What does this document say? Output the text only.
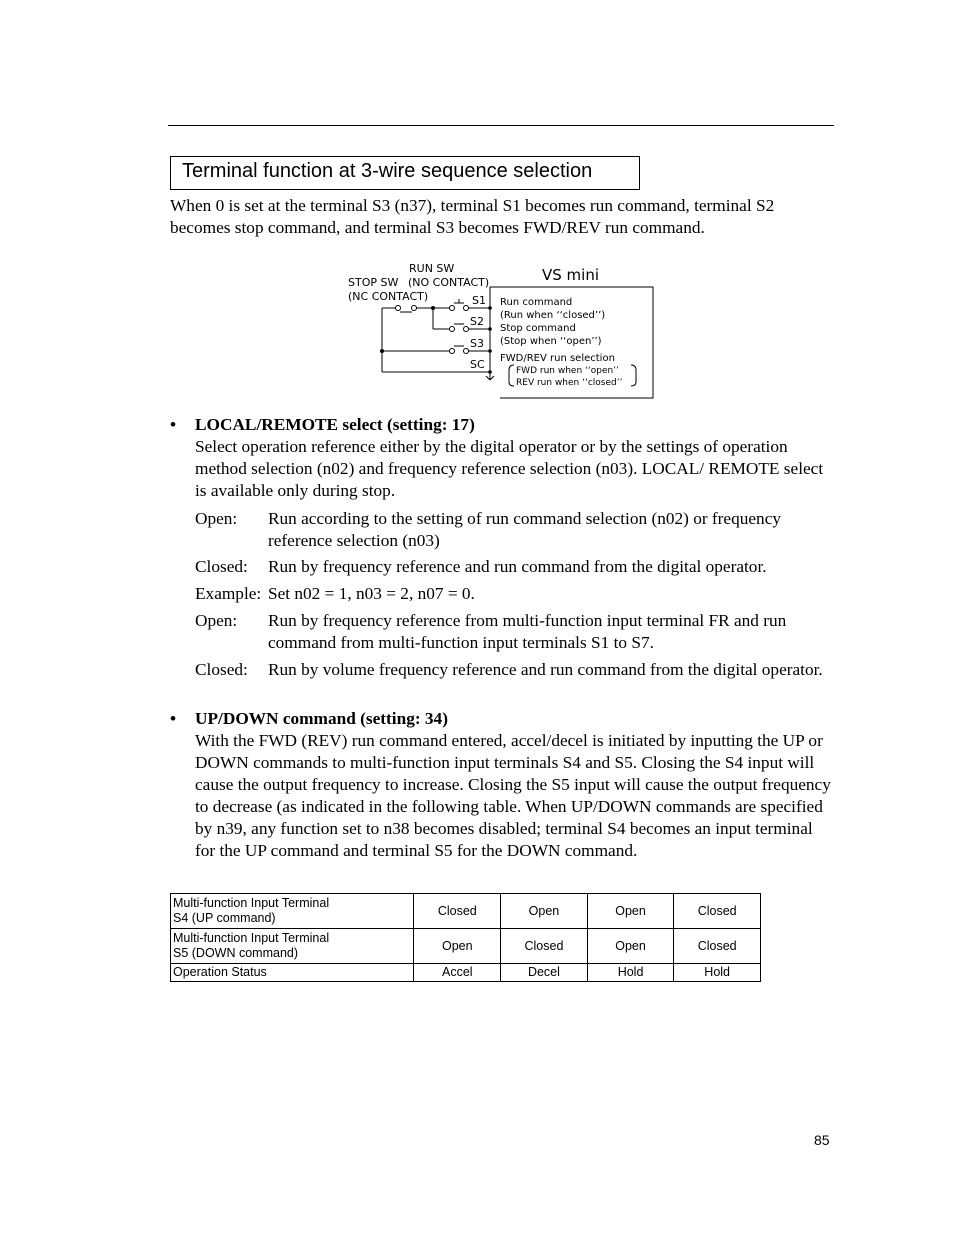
Terminal function at 3-wire sequence selection
When 0 is set at the terminal S3 (n37), terminal S1 becomes run command, terminal S2 becomes stop command, and terminal S3 becomes FWD/REV run command.
VS mini
RUN SW
(NO CONTACT)
STOP SW
(NC CONTACT)	S1
S2
S3
SC
Run command
(Run when ‘‘closed’’)
Stop command
(Stop when ‘‘open’’)
FWD/REV run selection
FWD run when ‘‘open’’
REV run when ‘‘closed’’
• LOCAL/REMOTE select (setting: 17)
Select operation reference either by the digital operator or by the settings of operation method selection (n02) and frequency reference selection (n03). LOCAL/ REMOTE select is available only during stop.
Open: Run according to the setting of run command selection (n02) or frequency reference selection (n03)
Closed: Run by frequency reference and run command from the digital operator.
Example: Set n02 = 1, n03 = 2, n07 = 0.
Open: Run by frequency reference from multi-function input terminal FR and run command from multi-function input terminals S1 to S7.
Closed: Run by volume frequency reference and run command from the digital operator.
• UP/DOWN command (setting: 34)
With the FWD (REV) run command entered, accel/decel is initiated by inputting the UP or DOWN commands to multi-function input terminals S4 and S5. Closing the S4 input will cause the output frequency to increase. Closing the S5 input will cause the output frequency to decrease (as indicated in the following table. When UP/DOWN commands are specified by n39, any function set to n38 becomes disabled; terminal S4 becomes an input terminal for the UP command and terminal S5 for the DOWN command.
Multi-function Input Terminal
S4 (UP command)	Closed	Open	Open	Closed
Multi-function Input Terminal
S5 (DOWN command)	Open	Closed	Open	Closed
Operation Status	Accel	Decel	Hold	Hold
85
